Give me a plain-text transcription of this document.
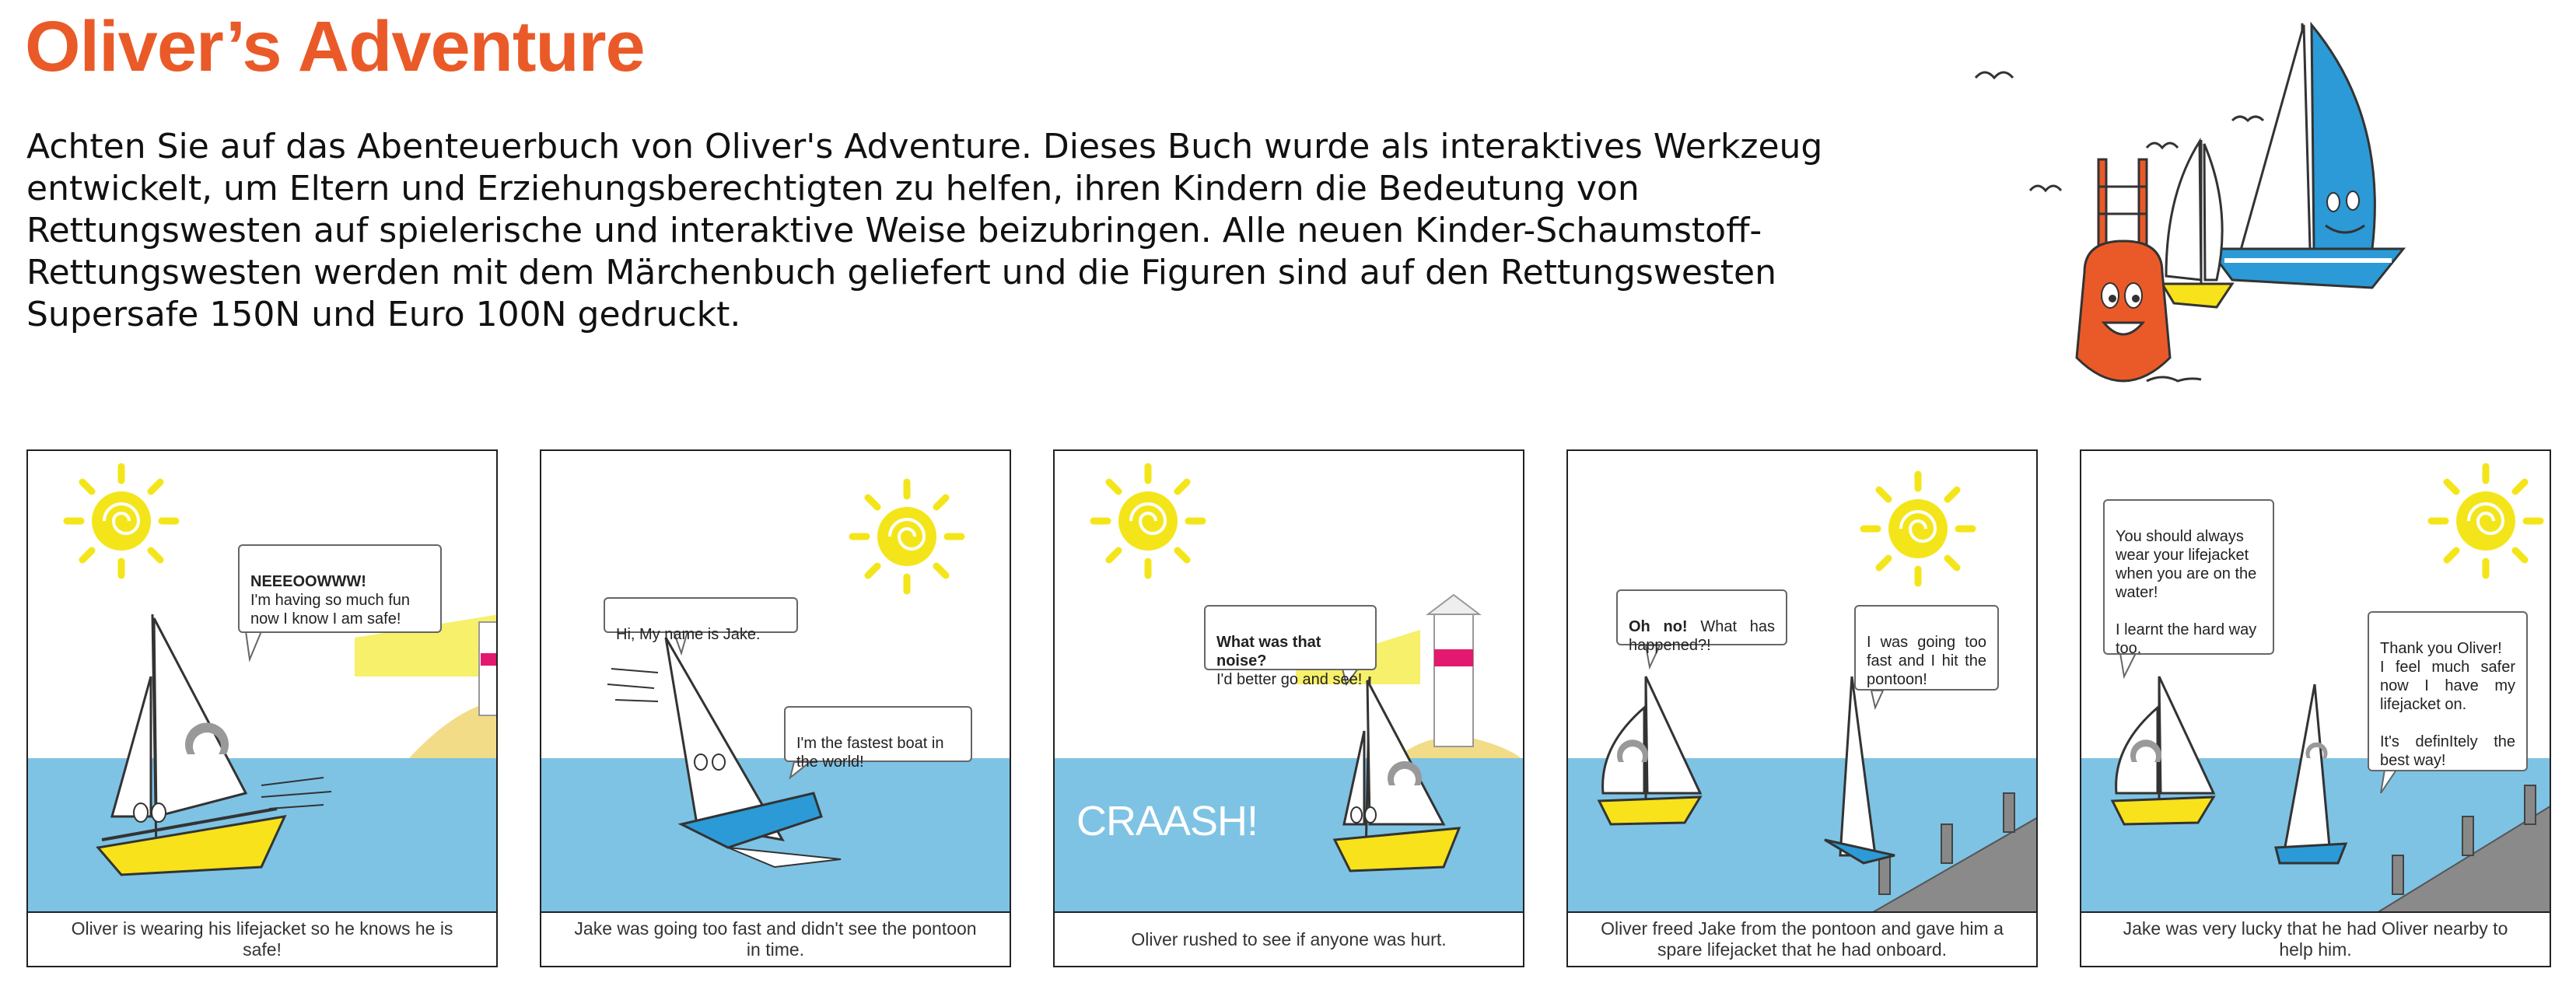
Oliver’s Adventure

Achten Sie auf das Abenteuerbuch von Oliver's Adventure. Dieses Buch wurde als interaktives Werkzeug entwickelt, um Eltern und Erziehungsberechtigten zu helfen, ihren Kindern die Bedeutung von Rettungswesten auf spielerische und interaktive Weise beizubringen. Alle neuen Kinder-Schaumstoff-Rettungswesten werden mit dem Märchenbuch geliefert und die Figuren sind auf den Rettungswesten Supersafe 150N und Euro 100N gedruckt.

NEEEOOWWW!

I'm having so much fun now I know I am safe!

Oliver is wearing his lifejacket so he knows he is safe!

Hi, My name is Jake.

I'm the fastest boat in the world!

Jake was going too fast and didn't see the pontoon in time.
CRAASH!

What was that noise?

I'd better go and see!

Oliver rushed to see if anyone was hurt.

Oh no! What has happened?!	I was going too fast and I hit the pontoon!

Oliver freed Jake from the pontoon and gave him a spare lifejacket that he had onboard.

You should always wear your lifejacket when you are on the water!

I learnt the hard way too.	Thank you Oliver!
I feel much safer now I have my lifejacket on.

It's definItely the best way!

Jake was very lucky that he had Oliver nearby to help him.
